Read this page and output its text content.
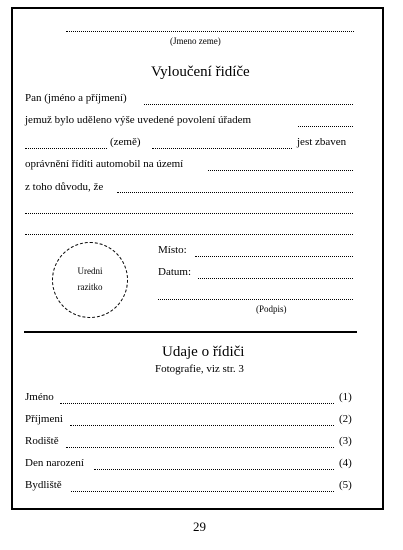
(Jmeno zeme)
Vyloučení řidíče
Pan (jméno a příjmení)
jemuž bylo uděleno výše uvedené povolení úřadem
(země)	jest zbaven
oprávnění řídíti automobil na území
z toho důvodu, že
Uredni
razitko
Místo:
Datum:
(Podpis)
Udaje o řídiči
Fotografie, viz str. 3
Jméno	(1)
Příjmeni	(2)
Rodiště	(3)
Den narození	(4)
Bydliště	(5)
29
